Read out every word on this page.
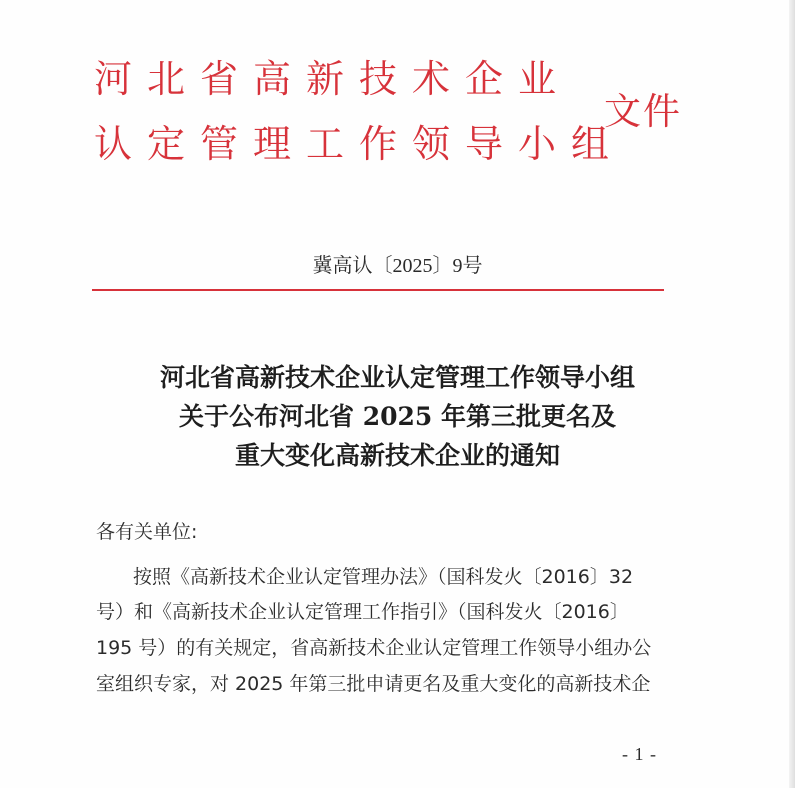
河北省高新技术企业
认定管理工作领导小组
文件
冀高认〔2025〕9号
河北省高新技术企业认定管理工作领导小组
关于公布河北省 2025 年第三批更名及
重大变化高新技术企业的通知
各有关单位:
按照《高新技术企业认定管理办法》（国科发火〔2016〕32
号）和《高新技术企业认定管理工作指引》（国科发火〔2016〕
195 号）的有关规定，省高新技术企业认定管理工作领导小组办公
室组织专家，对 2025 年第三批申请更名及重大变化的高新技术企
- 1 -
